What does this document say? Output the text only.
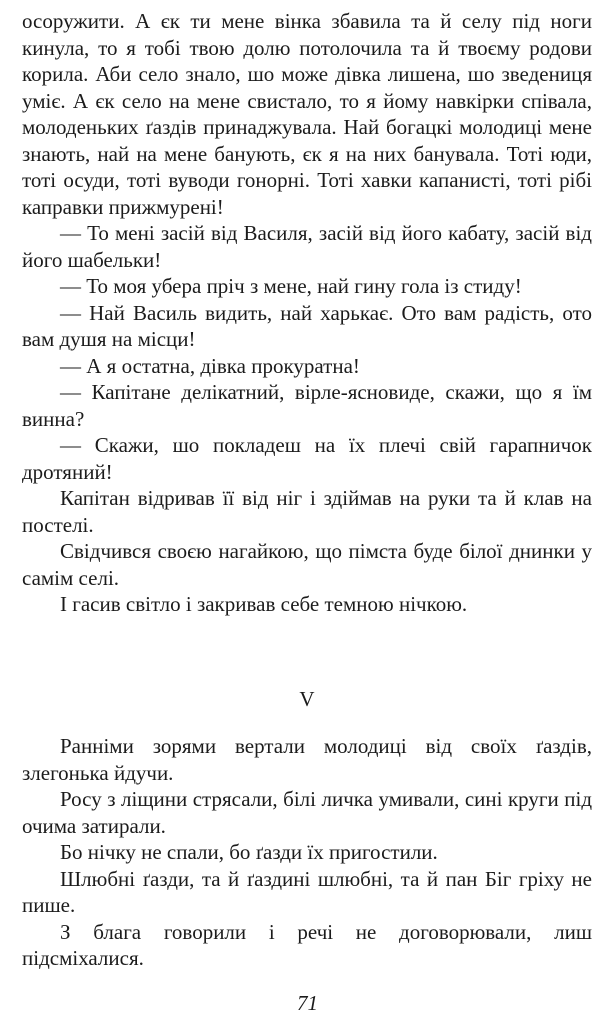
осоружити. А єк ти мене вінка збавила та й селу під ноги кинула, то я тобі твою долю потолочила та й твоєму родови корила. Аби село знало, шо може дівка лишена, шо зведениця уміє. А єк село на мене свистало, то я йому навкірки співала, молоденьких ґаздів принаджувала. Най богацкі молодиці мене знають, най на мене банують, єк я на них банувала. Тоті юди, тоті осуди, тоті вуводи гонорні. Тоті хавки капанисті, тоті рібі каправки прижмурені!

— То мені засій від Василя, засій від його кабату, засій від його шабельки!

— То моя убера пріч з мене, най гину гола із стиду!

— Най Василь видить, най харькає. Ото вам радість, ото вам душя на місци!

— А я остатна, дівка прокуратна!

— Капітане делікатний, вірле-ясновиде, скажи, що я їм винна?

— Скажи, шо покладеш на їх плечі свій гарапничок дротяний!

Капітан відривав її від ніг і здіймав на руки та й клав на постелі.

Свідчився своєю нагайкою, що пімста буде білої днинки у самім селі.

І гасив світло і закривав себе темною нічкою.

V

Ранніми зорями вертали молодиці від своїх ґаздів, злегонька йдучи.

Росу з ліщини стрясали, білі личка умивали, сині круги під очима затирали.

Бо нічку не спали, бо ґазди їх пригостили.

Шлюбні ґазди, та й ґаздині шлюбні, та й пан Біг гріху не пише.

З блага говорили і речі не договорювали, лиш підсміхалися.

71
